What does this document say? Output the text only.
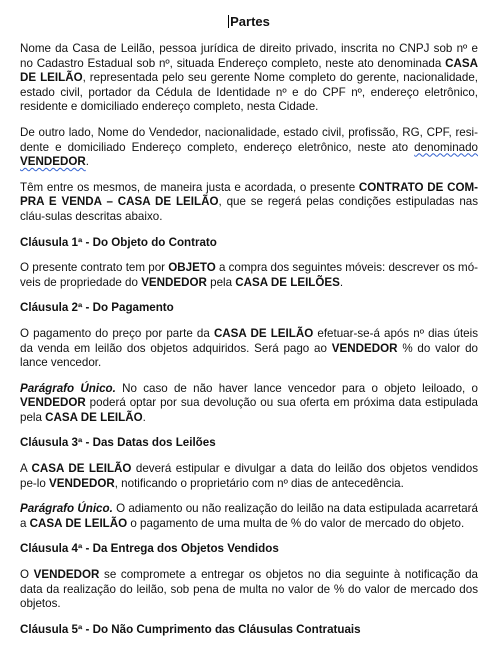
Partes

Nome da Casa de Leilão, pessoa jurídica de direito privado, inscrita no CNPJ sob nº e no Cadastro Estadual sob nº, situada Endereço completo, neste ato denominada CASA DE LEILÃO, representada pelo seu gerente Nome completo do gerente, nacionalidade, estado civil, portador da Cédula de Identidade nº e do CPF nº, endereço eletrônico, residente e domiciliado endereço completo, nesta Cidade.

De outro lado, Nome do Vendedor, nacionalidade, estado civil, profissão, RG, CPF, resi-dente e domiciliado Endereço completo, endereço eletrônico, neste ato denominado VENDEDOR.

Têm entre os mesmos, de maneira justa e acordada, o presente CONTRATO DE COM-PRA E VENDA – CASA DE LEILÃO, que se regerá pelas condições estipuladas nas cláu-sulas descritas abaixo.

Cláusula 1ª - Do Objeto do Contrato

O presente contrato tem por OBJETO a compra dos seguintes móveis: descrever os mó-veis de propriedade do VENDEDOR pela CASA DE LEILÕES.

Cláusula 2ª - Do Pagamento

O pagamento do preço por parte da CASA DE LEILÃO efetuar-se-á após nº dias úteis da venda em leilão dos objetos adquiridos. Será pago ao VENDEDOR % do valor do lance vencedor.

Parágrafo Único. No caso de não haver lance vencedor para o objeto leiloado, o VENDEDOR poderá optar por sua devolução ou sua oferta em próxima data estipulada pela CASA DE LEILÃO.

Cláusula 3ª - Das Datas dos Leilões

A CASA DE LEILÃO deverá estipular e divulgar a data do leilão dos objetos vendidos pe-lo VENDEDOR, notificando o proprietário com nº dias de antecedência.

Parágrafo Único. O adiamento ou não realização do leilão na data estipulada acarretará a CASA DE LEILÃO o pagamento de uma multa de % do valor de mercado do objeto.

Cláusula 4ª - Da Entrega dos Objetos Vendidos

O VENDEDOR se compromete a entregar os objetos no dia seguinte à notificação da data da realização do leilão, sob pena de multa no valor de % do valor de mercado dos objetos.

Cláusula 5ª - Do Não Cumprimento das Cláusulas Contratuais
